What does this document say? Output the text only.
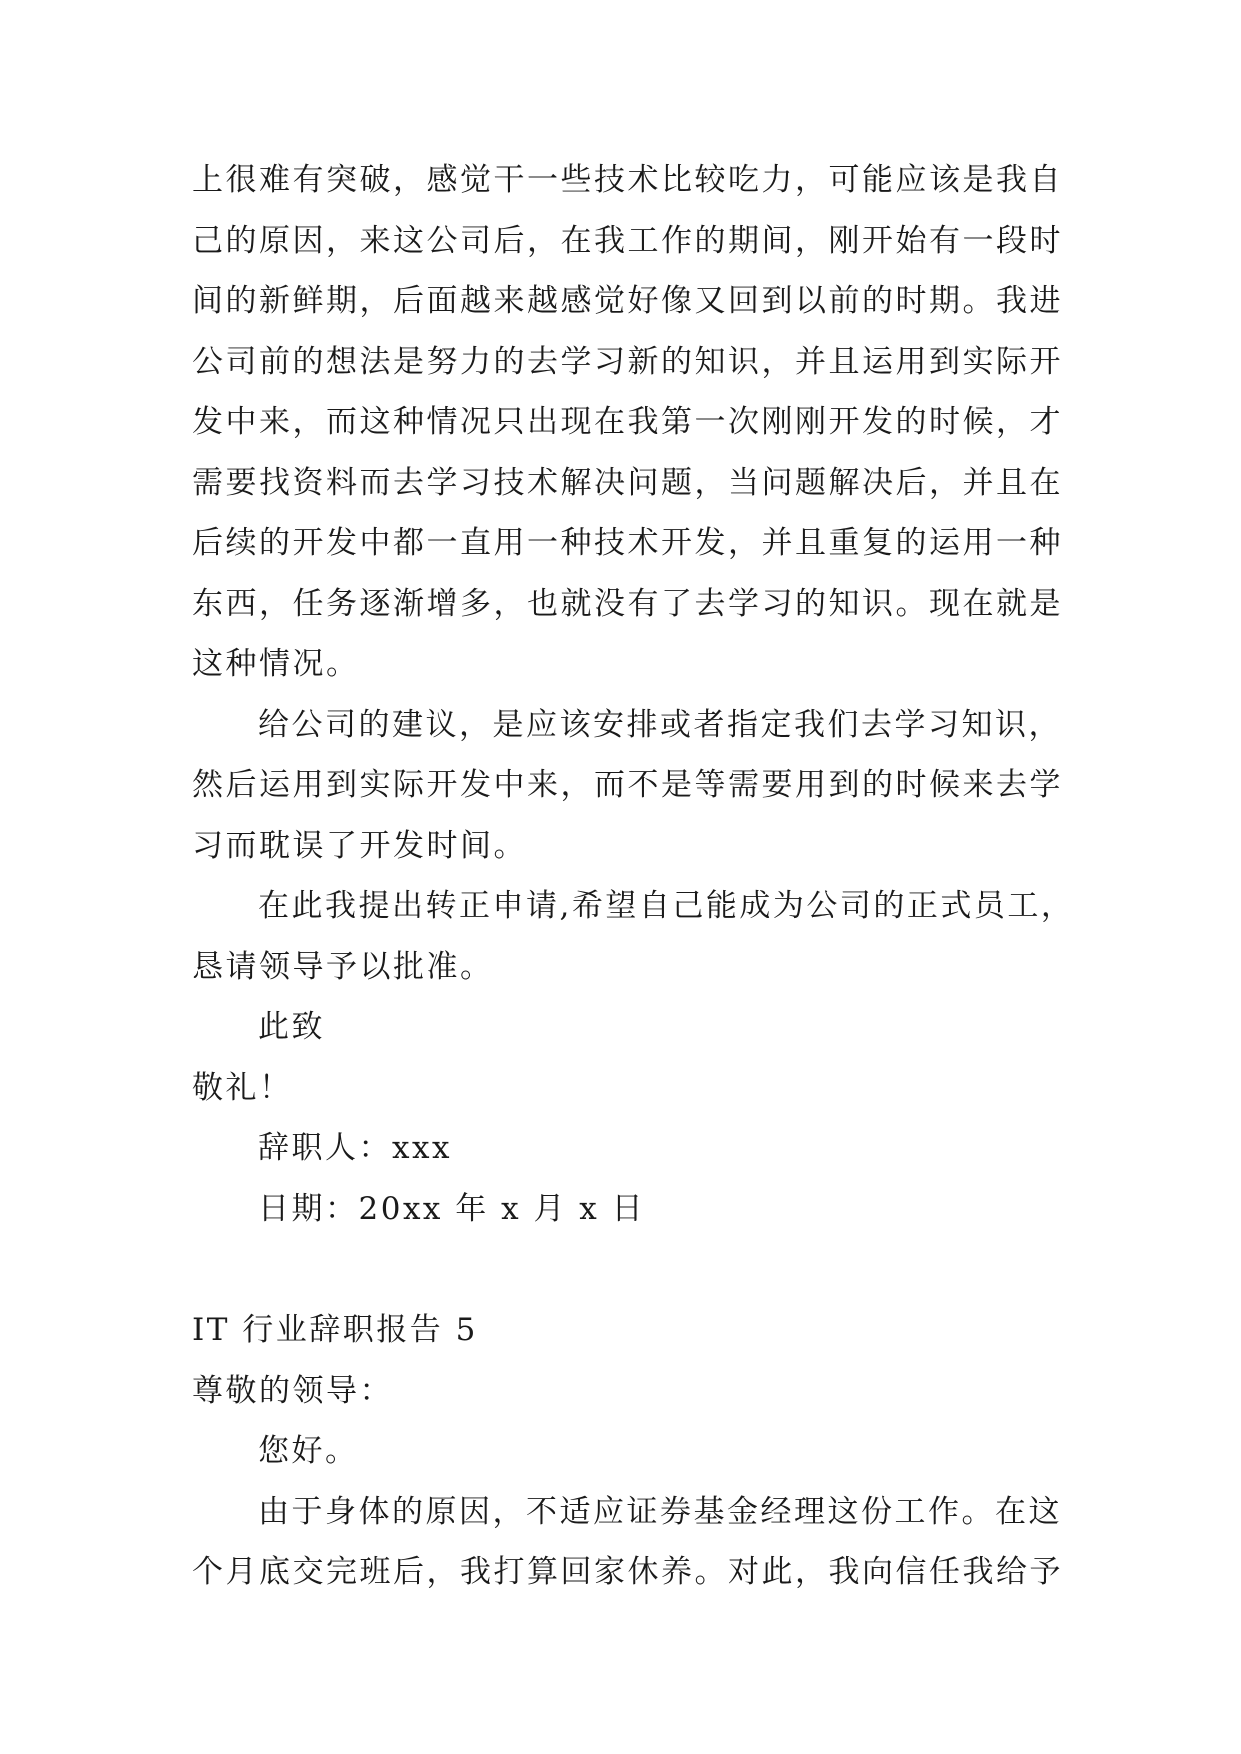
上很难有突破，感觉干一些技术比较吃力，可能应该是我自
己的原因，来这公司后，在我工作的期间，刚开始有一段时
间的新鲜期，后面越来越感觉好像又回到以前的时期。我进
公司前的想法是努力的去学习新的知识，并且运用到实际开
发中来，而这种情况只出现在我第一次刚刚开发的时候，才
需要找资料而去学习技术解决问题，当问题解决后，并且在
后续的开发中都一直用一种技术开发，并且重复的运用一种
东西，任务逐渐增多，也就没有了去学习的知识。现在就是
这种情况。
给公司的建议，是应该安排或者指定我们去学习知识，
然后运用到实际开发中来，而不是等需要用到的时候来去学
习而耽误了开发时间。
在此我提出转正申请,希望自己能成为公司的正式员工，
恳请领导予以批准。
此致
敬礼！
辞职人：xxx
日期：20xx 年 x 月 x 日
IT 行业辞职报告 5
尊敬的领导：
您好。
由于身体的原因，不适应证券基金经理这份工作。在这
个月底交完班后，我打算回家休养。对此，我向信任我给予
